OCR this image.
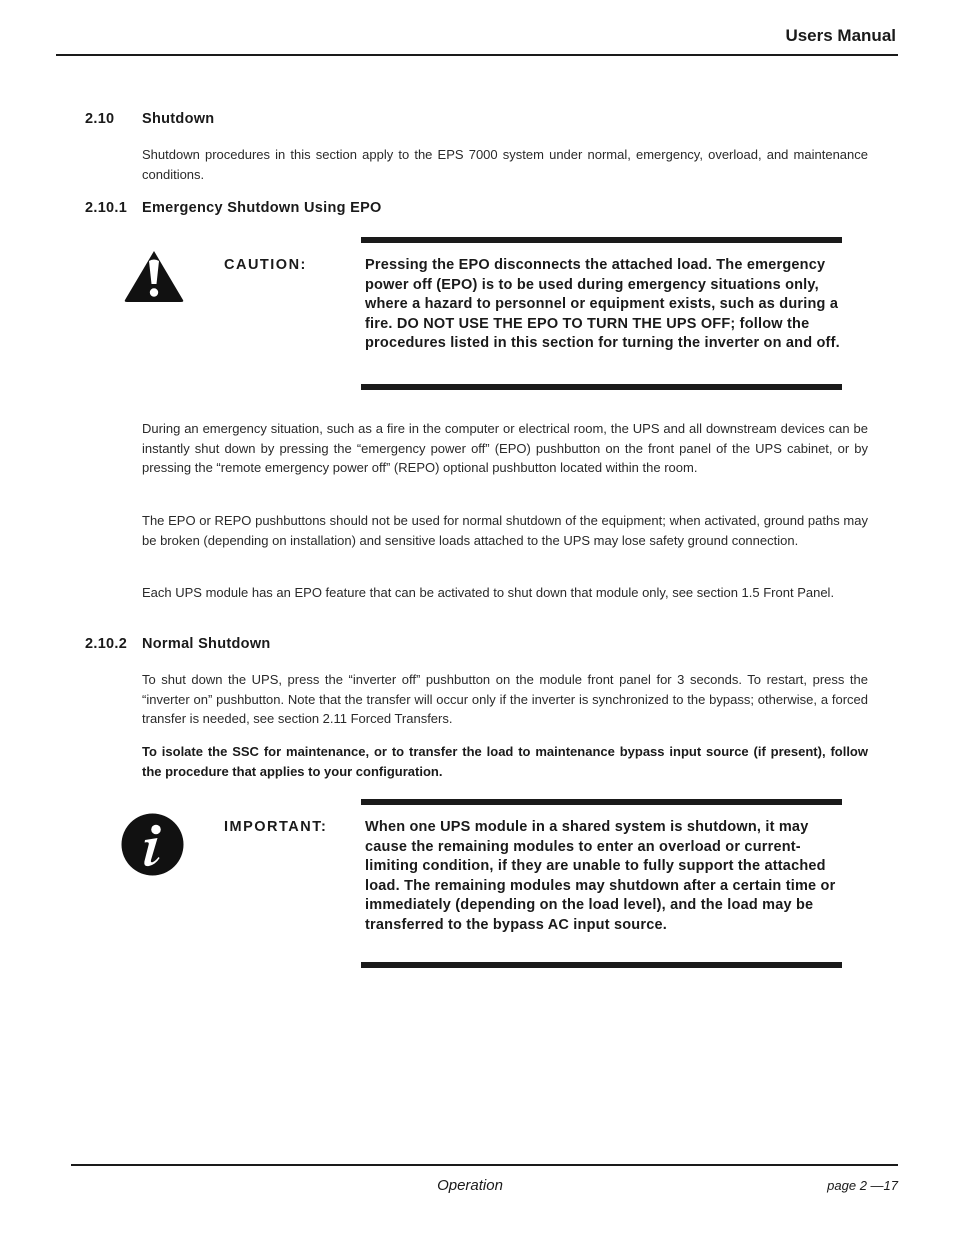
Users Manual
2.10 Shutdown
Shutdown procedures in this section apply to the EPS 7000 system under normal, emergency, overload, and maintenance conditions.
2.10.1 Emergency Shutdown Using EPO
CAUTION:	Pressing the EPO disconnects the attached load. The emergency power off (EPO) is to be used during emergency situations only, where a hazard to personnel or equipment exists, such as during a fire. DO NOT USE THE EPO TO TURN THE UPS OFF; follow the procedures listed in this section for turning the inverter on and off.
During an emergency situation, such as a fire in the computer or electrical room, the UPS and all downstream devices can be instantly shut down by pressing the “emergency power off” (EPO) pushbutton on the front panel of the UPS cabinet, or by pressing the “remote emergency power off” (REPO) optional pushbutton located within the room.
The EPO or REPO pushbuttons should not be used for normal shutdown of the equipment; when activated, ground paths may be broken (depending on installation) and sensitive loads attached to the UPS may lose safety ground connection.
Each UPS module has an EPO feature that can be activated to shut down that module only, see section 1.5 Front Panel.
2.10.2 Normal Shutdown
To shut down the UPS, press the “inverter off” pushbutton on the module front panel for 3 seconds. To restart, press the “inverter on” pushbutton. Note that the transfer will occur only if the inverter is synchronized to the bypass; otherwise, a forced transfer is needed, see section 2.11 Forced Transfers.
To isolate the SSC for maintenance, or to transfer the load to maintenance bypass input source (if present), follow the procedure that applies to your configuration.
IMPORTANT:	When one UPS module in a shared system is shutdown, it may cause the remaining modules to enter an overload or current-limiting condition, if they are unable to fully support the attached load. The remaining modules may shutdown after a certain time or immediately (depending on the load level), and the load may be transferred to the bypass AC input source.
Operation	page 2 —17
